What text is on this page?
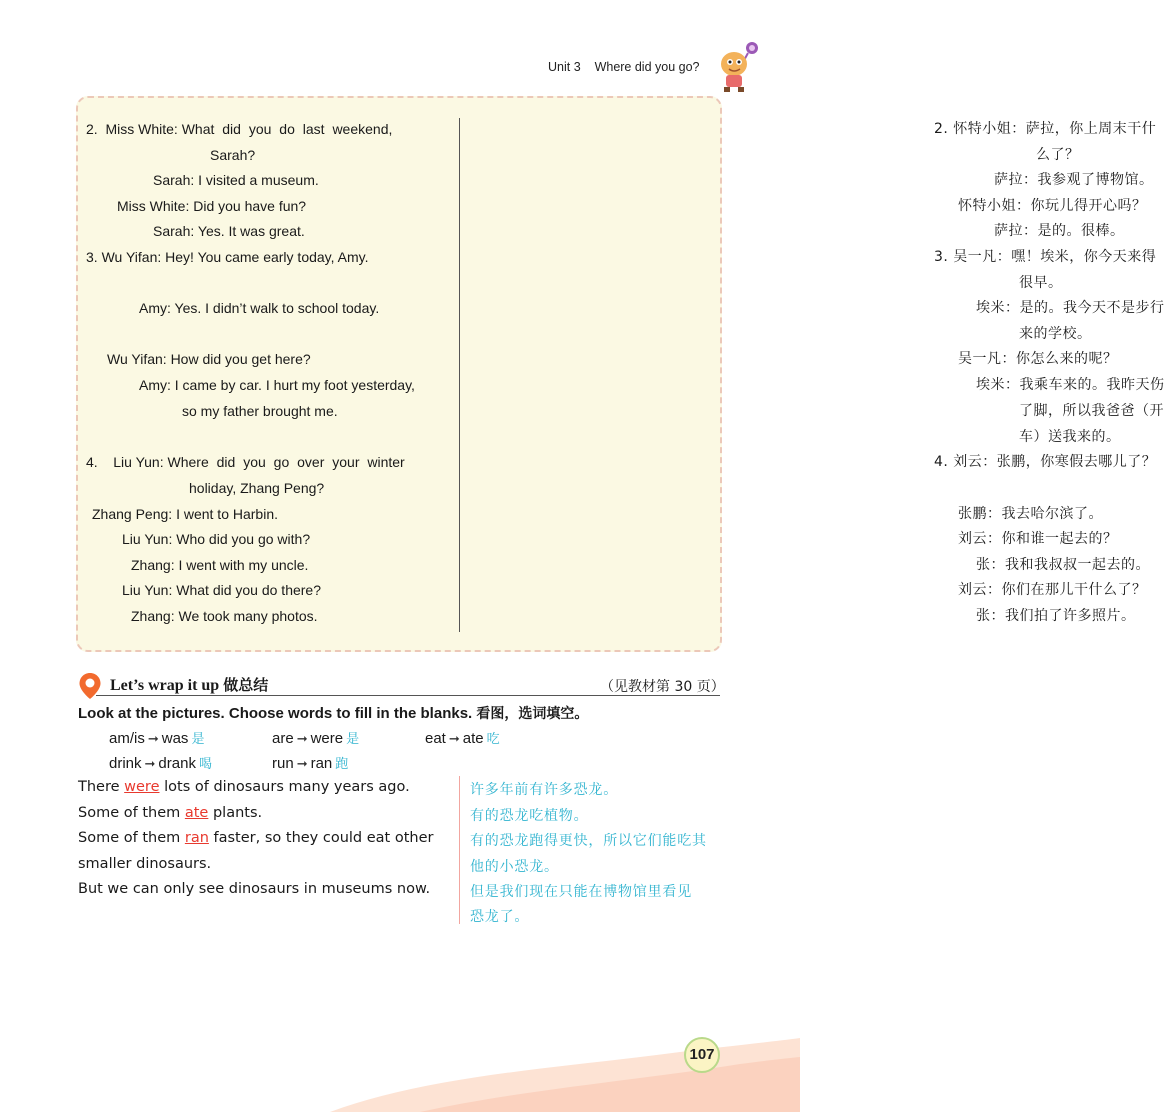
Unit 3 Where did you go?
2. Miss White: What did you do last weekend,
Sarah?
Sarah: I visited a museum.
Miss White: Did you have fun?
Sarah: Yes. It was great.
3. Wu Yifan: Hey! You came early today, Amy.
Amy: Yes. I didn’t walk to school today.
Wu Yifan: How did you get here?
Amy: I came by car. I hurt my foot yesterday,
so my father brought me.
4. Liu Yun: Where did you go over your winter
holiday, Zhang Peng?
Zhang Peng: I went to Harbin.
Liu Yun: Who did you go with?
Zhang: I went with my uncle.
Liu Yun: What did you do there?
Zhang: We took many photos.
2. 怀特小姐：萨拉，你上周末干什
么了？
萨拉：我参观了博物馆。
怀特小姐：你玩儿得开心吗？
萨拉：是的。很棒。
3. 吴一凡：嘿！埃米，你今天来得
很早。
埃米：是的。我今天不是步行
来的学校。
吴一凡：你怎么来的呢？
埃米：我乘车来的。我昨天伤
了脚，所以我爸爸（开
车）送我来的。
4. 刘云：张鹏，你寒假去哪儿了？
张鹏：我去哈尔滨了。
刘云：你和谁一起去的？
张：我和我叔叔一起去的。
刘云：你们在那儿干什么了？
张：我们拍了许多照片。
Let’s wrap it up 做总结	（见教材第 30 页）
Look at the pictures. Choose words to fill in the blanks. 看图，选词填空。
am/is ➞ was 是	are ➞ were 是	eat ➞ ate 吃
drink ➞ drank 喝	run ➞ ran 跑
There were lots of dinosaurs many years ago.
Some of them ate plants.
Some of them ran faster, so they could eat other
smaller dinosaurs.
But we can only see dinosaurs in museums now.
许多年前有许多恐龙。
有的恐龙吃植物。
有的恐龙跑得更快，所以它们能吃其
他的小恐龙。
但是我们现在只能在博物馆里看见
恐龙了。
107
